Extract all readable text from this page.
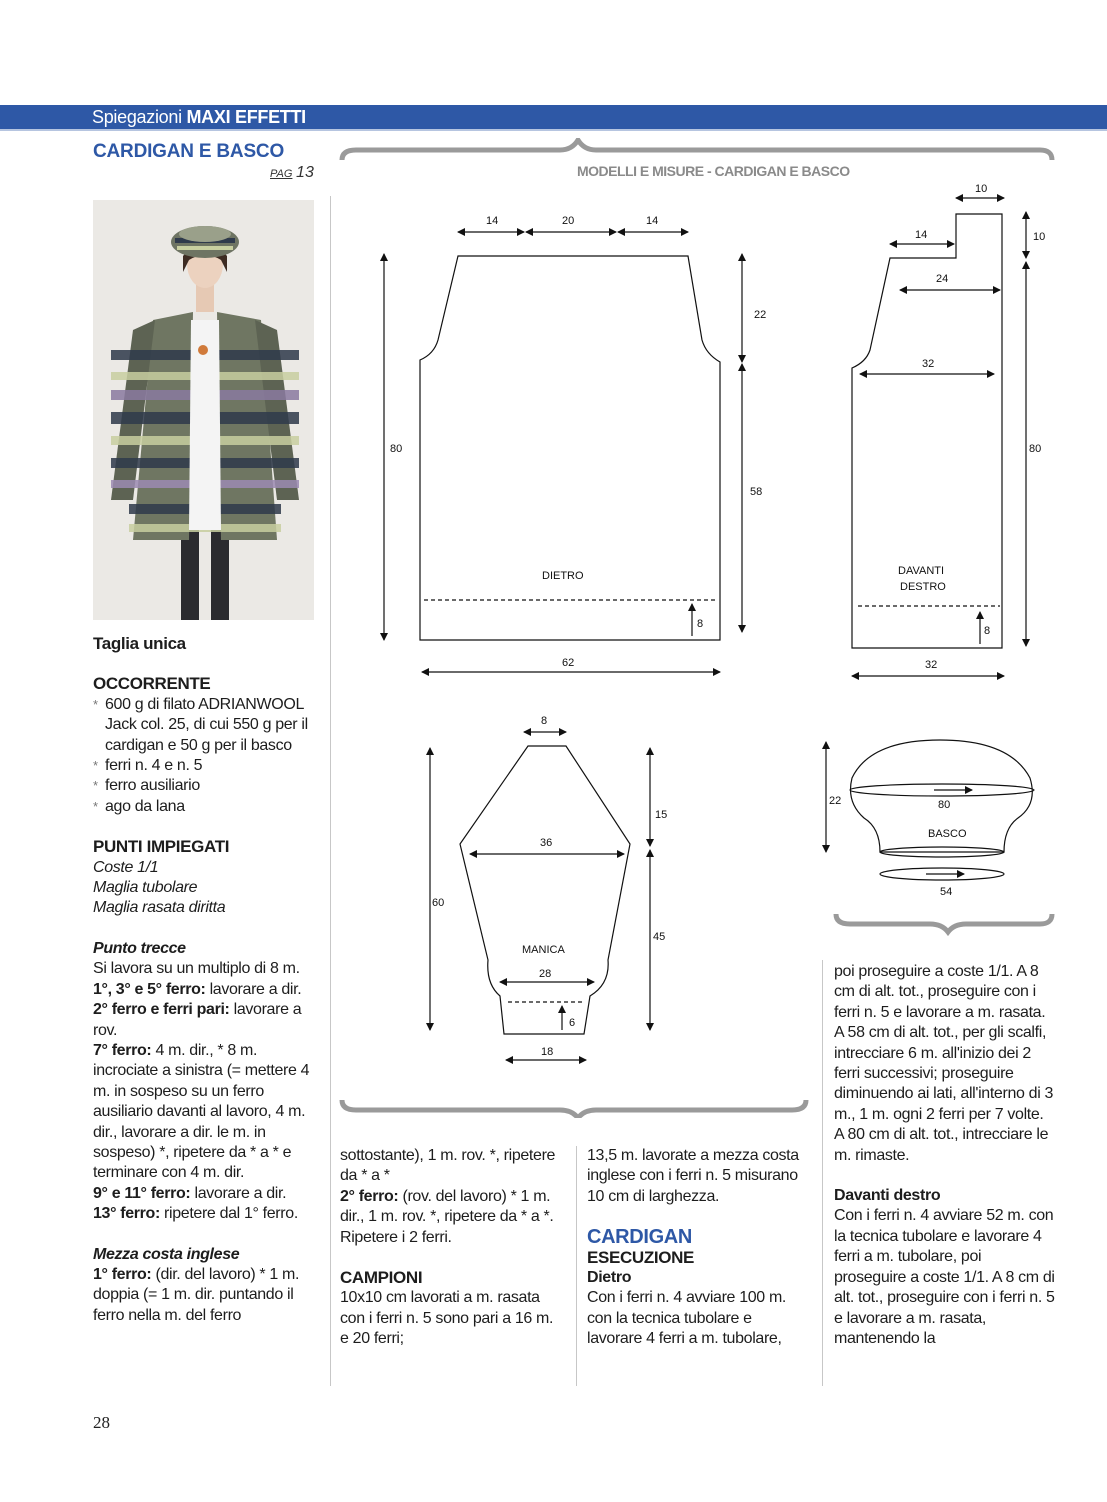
Spiegazioni MAXI EFFETTI
CARDIGAN E BASCO
PAG 13	MODELLI E MISURE - CARDIGAN E BASCO
14	20	14
22
80
58
8
62
DIETRO
10
14	10
24
32
80
8
32
DAVANTI
DESTRO
8
15
36
60
45
28
6
18
MANICA
22	80
54
BASCO

Taglia unica

OCCORRENTE

* 600 g di filato ADRIANWOOL Jack col. 25, di cui 550 g per il cardigan e 50 g per il basco

* ferri n. 4 e n. 5

* ferro ausiliario

* ago da lana

PUNTI IMPIEGATI

Coste 1/1

Maglia tubolare

Maglia rasata diritta

Punto trecce

Si lavora su un multiplo di 8 m.

1°, 3° e 5° ferro: lavorare a dir.

2° ferro e ferri pari: lavorare a rov.

7° ferro: 4 m. dir., * 8 m. incrociate a sinistra (= mettere 4 m. in sospeso su un ferro ausiliario davanti al lavoro, 4 m. dir., lavorare a dir. le m. in sospeso) *, ripetere da * a * e terminare con 4 m. dir.

9° e 11° ferro: lavorare a dir.

13° ferro: ripetere dal 1° ferro.

Mezza costa inglese

1° ferro: (dir. del lavoro) * 1 m. doppia (= 1 m. dir. puntando il ferro nella m. del ferro

sottostante), 1 m. rov. *, ripetere da * a *

2° ferro: (rov. del lavoro) * 1 m. dir., 1 m. rov. *, ripetere da * a *.

Ripetere i 2 ferri.

CAMPIONI

10x10 cm lavorati a m. rasata con i ferri n. 5 sono pari a 16 m. e 20 ferri;

13,5 m. lavorate a mezza costa inglese con i ferri n. 5 misurano 10 cm di larghezza.

CARDIGAN

ESECUZIONE

Dietro

Con i ferri n. 4 avviare 100 m. con la tecnica tubolare e lavorare 4 ferri a m. tubolare,

poi proseguire a coste 1/1. A 8 cm di alt. tot., proseguire con i ferri n. 5 e lavorare a m. rasata. A 58 cm di alt. tot., per gli scalfi, intrecciare 6 m. all'inizio dei 2 ferri successivi; proseguire diminuendo ai lati, all'interno di 3 m., 1 m. ogni 2 ferri per 7 volte. A 80 cm di alt. tot., intrecciare le m. rimaste.

Davanti destro

Con i ferri n. 4 avviare 52 m. con la tecnica tubolare e lavorare 4 ferri a m. tubolare, poi proseguire a coste 1/1. A 8 cm di alt. tot., proseguire con i ferri n. 5 e lavorare a m. rasata, mantenendo la

28
